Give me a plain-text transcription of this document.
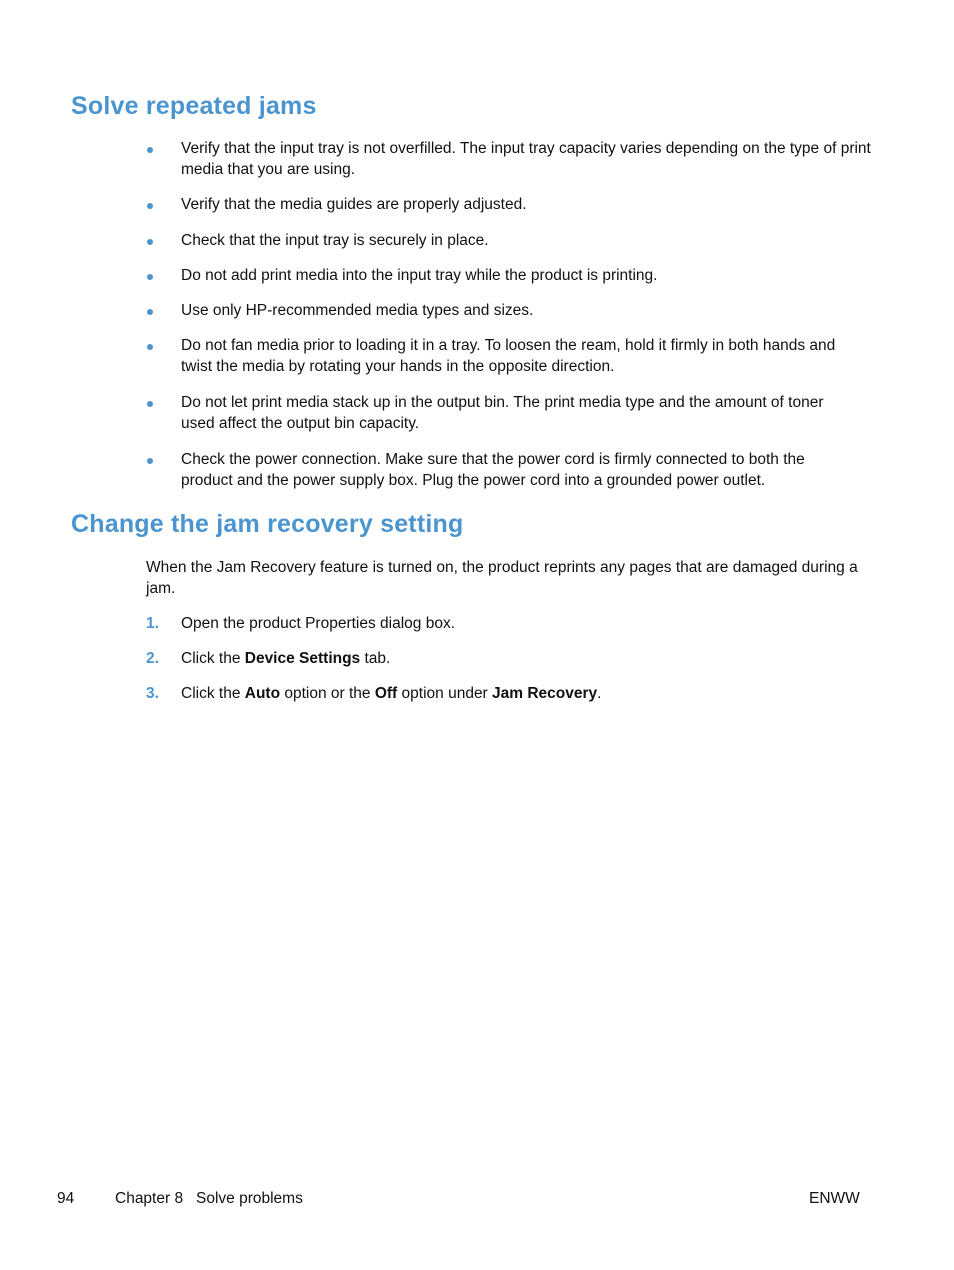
Solve repeated jams
Verify that the input tray is not overfilled. The input tray capacity varies depending on the type of print media that you are using.
Verify that the media guides are properly adjusted.
Check that the input tray is securely in place.
Do not add print media into the input tray while the product is printing.
Use only HP-recommended media types and sizes.
Do not fan media prior to loading it in a tray. To loosen the ream, hold it firmly in both hands and twist the media by rotating your hands in the opposite direction.
Do not let print media stack up in the output bin. The print media type and the amount of toner used affect the output bin capacity.
Check the power connection. Make sure that the power cord is firmly connected to both the product and the power supply box. Plug the power cord into a grounded power outlet.
Change the jam recovery setting

When the Jam Recovery feature is turned on, the product reprints any pages that are damaged during a jam.

1. Open the product Properties dialog box.
2. Click the Device Settings tab.
3. Click the Auto option or the Off option under Jam Recovery.
94	Chapter 8   Solve problems	ENWW
